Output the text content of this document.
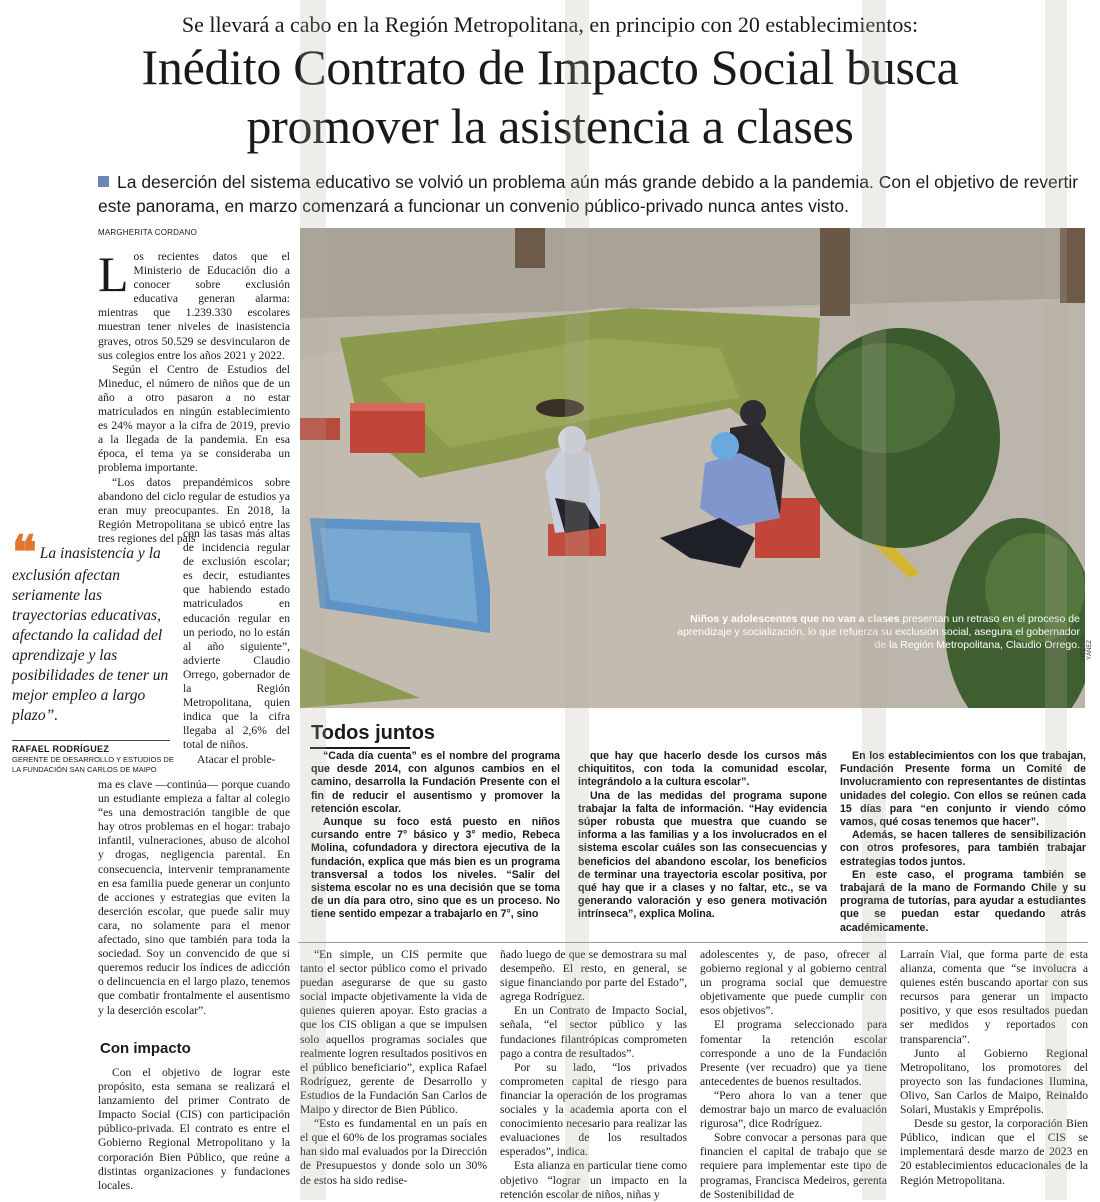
Se llevará a cabo en la Región Metropolitana, en principio con 20 establecimientos:
Inédito Contrato de Impacto Social busca
promover la asistencia a clases
La deserción del sistema educativo se volvió un problema aún más grande debido a la pandemia. Con el objetivo de revertir este panorama, en marzo comenzará a funcionar un convenio público-privado nunca antes visto.
MARGHERITA CORDANO

Los recientes datos que el Ministerio de Educación dio a conocer sobre exclusión educativa generan alarma: mientras que 1.239.330 escolares muestran tener niveles de inasistencia graves, otros 50.529 se desvincularon de sus colegios entre los años 2021 y 2022.

Según el Centro de Estudios del Mineduc, el número de niños que de un año a otro pasaron a no estar matriculados en ningún establecimiento es 24% mayor a la cifra de 2019, previo a la llegada de la pandemia. En esa época, el tema ya se consideraba un problema importante.

“Los datos prepandémicos sobre abandono del ciclo regular de estudios ya eran muy preocupantes. En 2018, la Región Metropolitana se ubicó entre las tres regiones del país

con las tasas más altas de incidencia regular de exclusión escolar; es decir, estudiantes que habiendo estado matriculados en educación regular en un periodo, no lo están al año siguiente”, advierte Claudio Orrego, gobernador de la Región Metropolitana, quien indica que la cifra llegaba al 2,6% del total de niños.

Atacar el proble-

ma es clave —continúa— porque cuando un estudiante empieza a faltar al colegio “es una demostración tangible de que hay otros problemas en el hogar: trabajo infantil, vulneraciones, abuso de alcohol y drogas, negligencia parental. En consecuencia, intervenir tempranamente en esa familia puede generar un conjunto de acciones y estrategias que eviten la deserción escolar, que puede salir muy cara, no solamente para el menor afectado, sino que también para toda la sociedad. Soy un convencido de que si queremos reducir los índices de adicción o delincuencia en el largo plazo, tenemos que combatir frontalmente el ausentismo y la deserción escolar”.

Con impacto

Con el objetivo de lograr este propósito, esta semana se realizará el lanzamiento del primer Contrato de Impacto Social (CIS) con participación público-privada. El contrato es entre el Gobierno Regional Metropolitano y la corporación Bien Público, que reúne a distintas organizaciones y fundaciones locales.

❝ La inasistencia y la exclusión afectan seriamente las trayectorias educativas, afectando la calidad del aprendizaje y las posibilidades de tener un mejor empleo a largo plazo”.
RAFAEL RODRÍGUEZ
GERENTE DE DESARROLLO Y ESTUDIOS DE
LA FUNDACIÓN SAN CARLOS DE MAIPO
Niños y adolescentes que no van a clases presentan un retraso en el proceso de aprendizaje y socialización, lo que refuerza su exclusión social, asegura el gobernador de la Región Metropolitana, Claudio Orrego. HÉCTOR YÁÑEZ
Todos juntos

“Cada día cuenta” es el nombre del programa que desde 2014, con algunos cambios en el camino, desarrolla la Fundación Presente con el fin de reducir el ausentismo y promover la retención escolar.

Aunque su foco está puesto en niños cursando entre 7° básico y 3° medio, Rebeca Molina, cofundadora y directora ejecutiva de la fundación, explica que más bien es un programa transversal a todos los niveles. “Salir del sistema escolar no es una decisión que se toma de un día para otro, sino que es un proceso. No tiene sentido empezar a trabajarlo en 7°, sino

que hay que hacerlo desde los cursos más chiquititos, con toda la comunidad escolar, integrándolo a la cultura escolar”.

Una de las medidas del programa supone trabajar la falta de información. “Hay evidencia súper robusta que muestra que cuando se informa a las familias y a los involucrados en el sistema escolar cuáles son las consecuencias y beneficios del abandono escolar, los beneficios de terminar una trayectoria escolar positiva, por qué hay que ir a clases y no faltar, etc., se va generando valoración y eso genera motivación intrínseca”, explica Molina.

En los establecimientos con los que trabajan, Fundación Presente forma un Comité de Involucramiento con representantes de distintas unidades del colegio. Con ellos se reúnen cada 15 días para “en conjunto ir viendo cómo vamos, qué cosas tenemos que hacer”.

Además, se hacen talleres de sensibilización con otros profesores, para también trabajar estrategias todos juntos.

En este caso, el programa también se trabajará de la mano de Formando Chile y su programa de tutorías, para ayudar a estudiantes que se puedan estar quedando atrás académicamente.

“En simple, un CIS permite que tanto el sector público como el privado puedan asegurarse de que su gasto social impacte objetivamente la vida de quienes quieren apoyar. Esto gracias a que los CIS obligan a que se impulsen solo aquellos programas sociales que realmente logren resultados positivos en el público beneficiario”, explica Rafael Rodríguez, gerente de Desarrollo y Estudios de la Fundación San Carlos de Maipo y director de Bien Público.

“Esto es fundamental en un país en el que el 60% de los programas sociales han sido mal evaluados por la Dirección de Presupuestos y donde solo un 30% de estos ha sido redise-

ñado luego de que se demostrara su mal desempeño. El resto, en general, se sigue financiando por parte del Estado”, agrega Rodríguez.

En un Contrato de Impacto Social, señala, “el sector público y las fundaciones filantrópicas comprometen pago a contra de resultados”.

Por su lado, “los privados comprometen capital de riesgo para financiar la operación de los programas sociales y la academia aporta con el conocimiento necesario para realizar las evaluaciones de los resultados esperados”, indica.

Esta alianza en particular tiene como objetivo “lograr un impacto en la retención escolar de niños, niñas y

adolescentes y, de paso, ofrecer al gobierno regional y al gobierno central un programa social que demuestre objetivamente que puede cumplir con esos objetivos”.

El programa seleccionado para fomentar la retención escolar corresponde a uno de la Fundación Presente (ver recuadro) que ya tiene antecedentes de buenos resultados.

“Pero ahora lo van a tener que demostrar bajo un marco de evaluación rigurosa”, dice Rodríguez.

Sobre convocar a personas para que financien el capital de trabajo que se requiere para implementar este tipo de programas, Francisca Medeiros, gerenta de Sostenibilidad de

Larraín Vial, que forma parte de esta alianza, comenta que “se involucra a quienes estén buscando aportar con sus recursos para generar un impacto positivo, y que esos resultados puedan ser medidos y reportados con transparencia”.

Junto al Gobierno Regional Metropolitano, los promotores del proyecto son las fundaciones Ilumina, Olivo, San Carlos de Maipo, Reinaldo Solari, Mustakis y Emprépolis.

Desde su gestor, la corporación Bien Público, indican que el CIS se implementará desde marzo de 2023 en 20 establecimientos educacionales de la Región Metropolitana.
